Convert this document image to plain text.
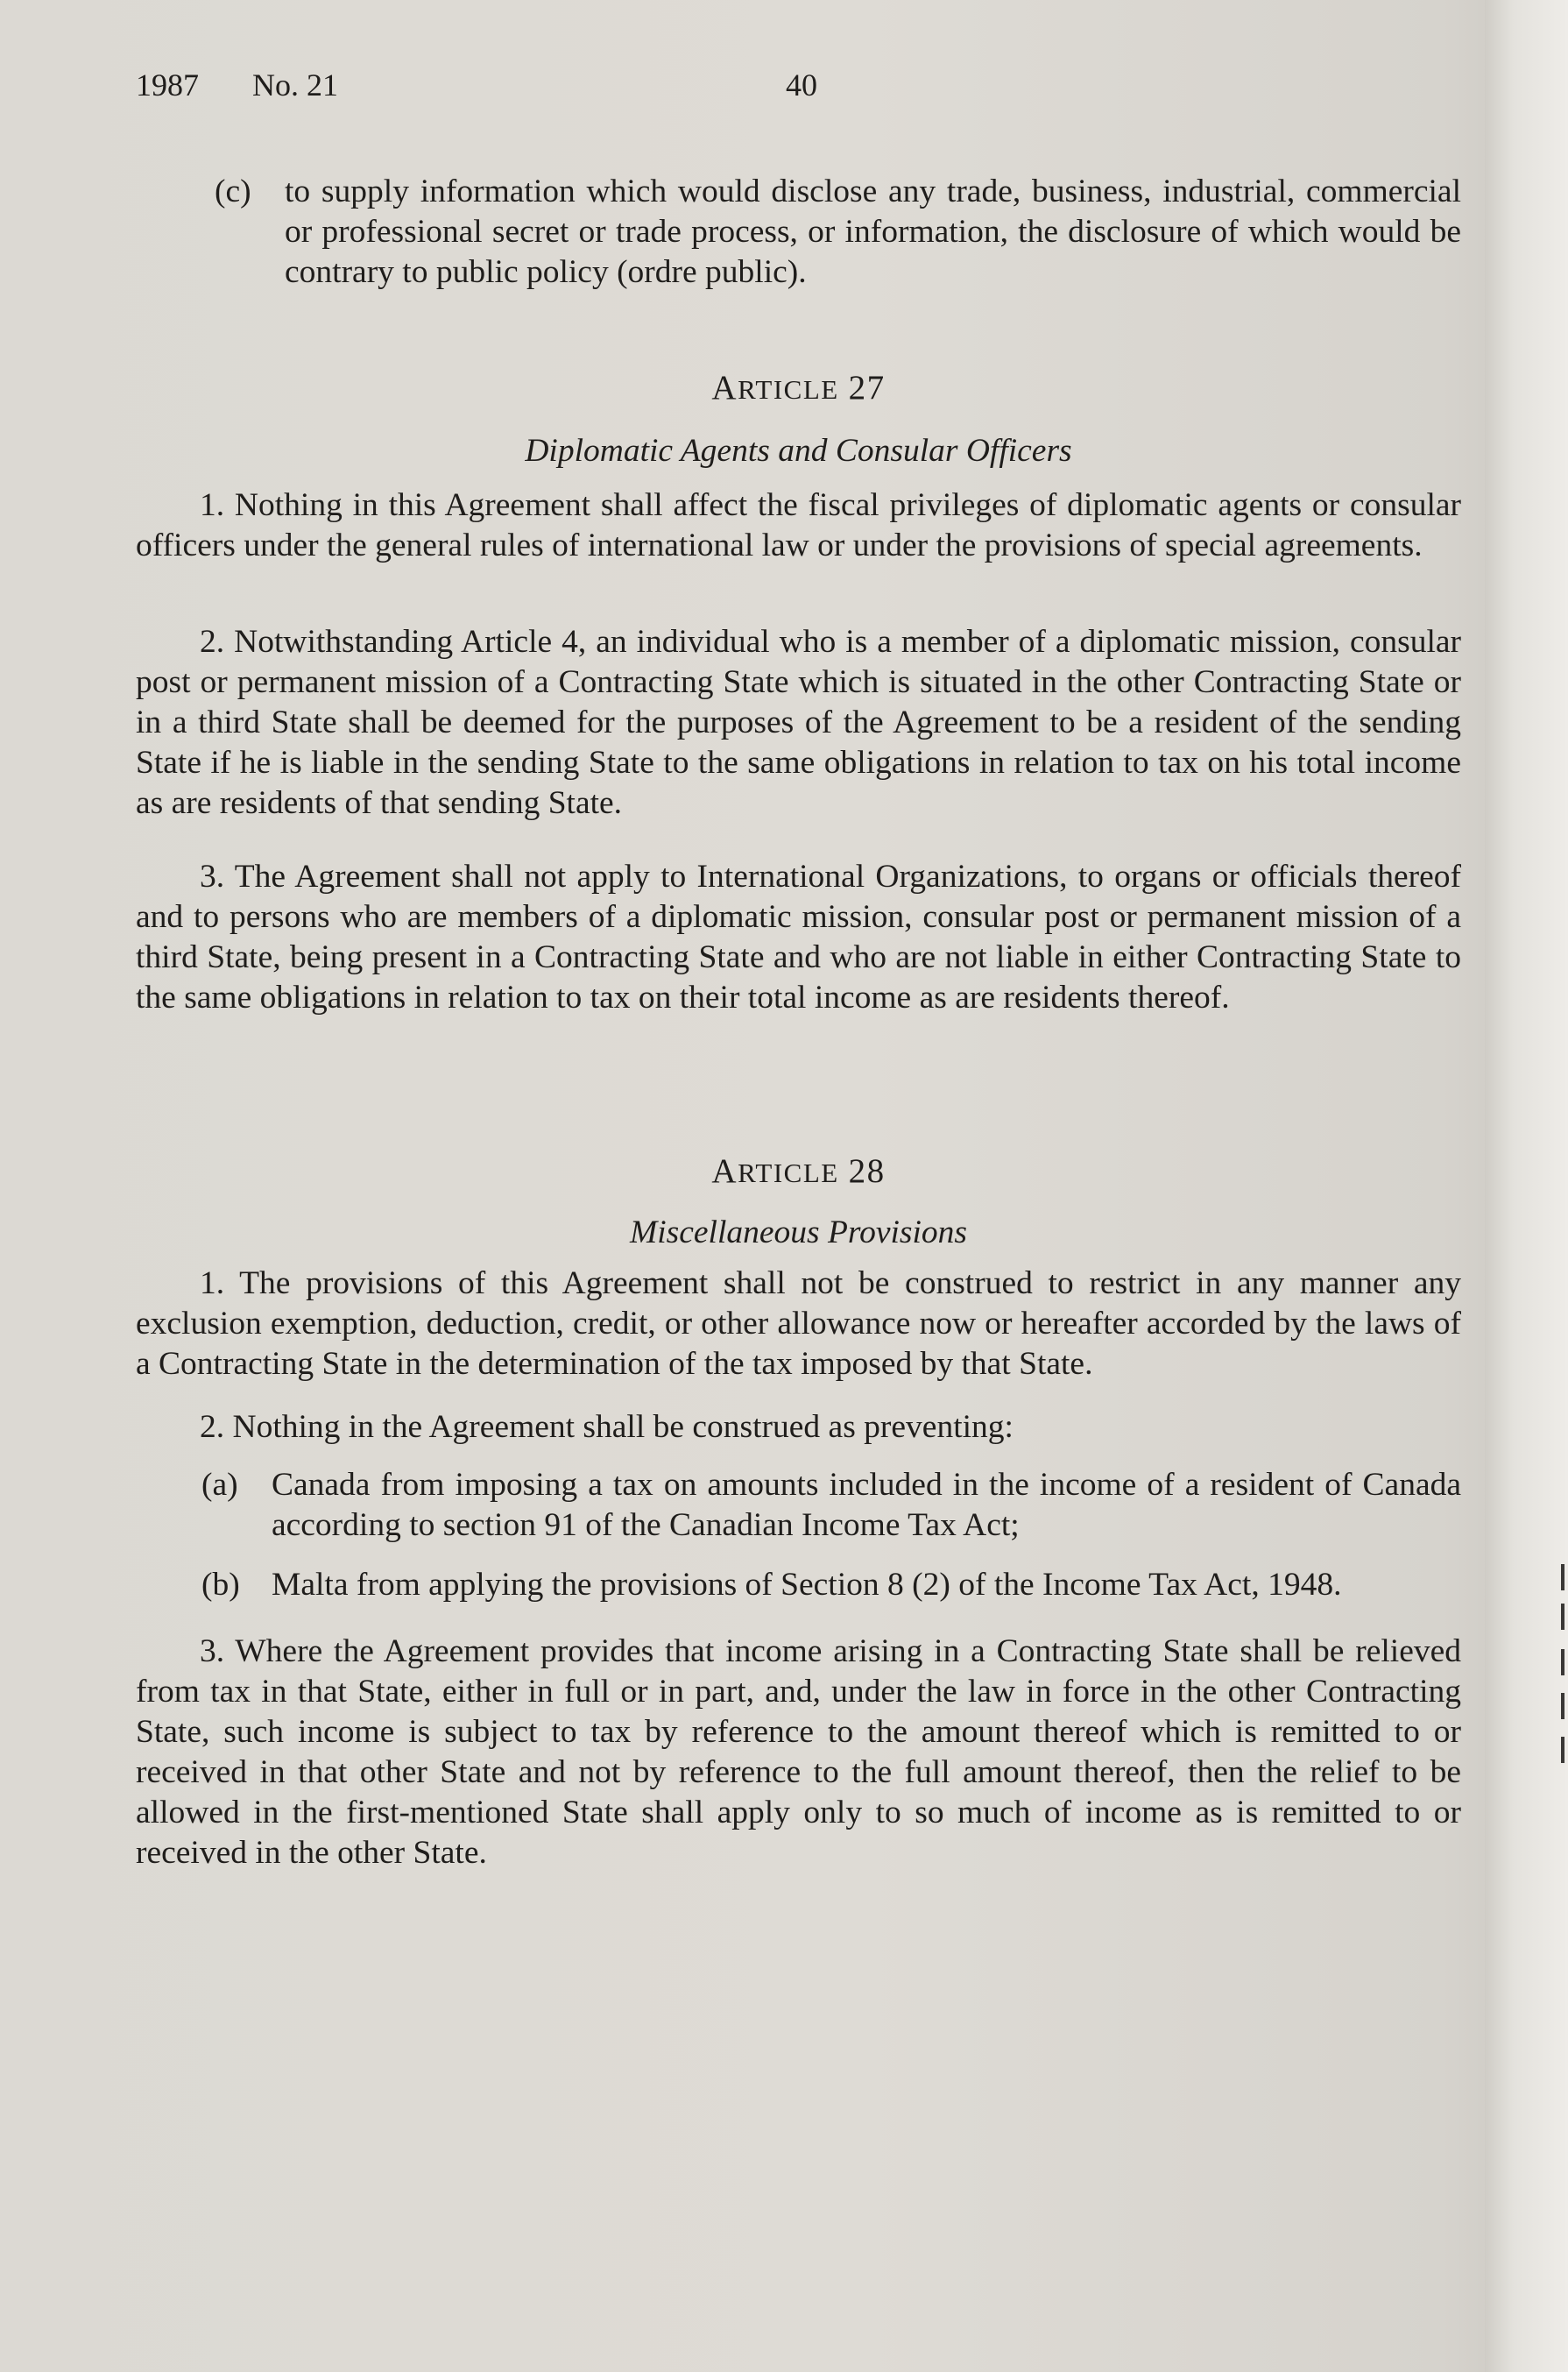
1987 No. 21	40

(c) to supply information which would disclose any trade, business, industrial, commercial or professional secret or trade process, or information, the disclosure of which would be contrary to public policy (ordre public).

ARTICLE 27

Diplomatic Agents and Consular Officers

1. Nothing in this Agreement shall affect the fiscal privileges of diplomatic agents or consular officers under the general rules of international law or under the provisions of special agreements.

2. Notwithstanding Article 4, an individual who is a member of a diplomatic mission, consular post or permanent mission of a Contracting State which is situated in the other Contracting State or in a third State shall be deemed for the purposes of the Agreement to be a resident of the sending State if he is liable in the sending State to the same obligations in relation to tax on his total income as are residents of that sending State.

3. The Agreement shall not apply to International Organizations, to organs or officials thereof and to persons who are members of a diplomatic mission, consular post or permanent mission of a third State, being present in a Contracting State and who are not liable in either Contracting State to the same obligations in relation to tax on their total income as are residents thereof.

ARTICLE 28

Miscellaneous Provisions

1. The provisions of this Agreement shall not be construed to restrict in any manner any exclusion exemption, deduction, credit, or other allowance now or hereafter accorded by the laws of a Contracting State in the determination of the tax imposed by that State.

2. Nothing in the Agreement shall be construed as preventing:

(a) Canada from imposing a tax on amounts included in the income of a resident of Canada according to section 91 of the Canadian Income Tax Act;

(b) Malta from applying the provisions of Section 8 (2) of the Income Tax Act, 1948.

3. Where the Agreement provides that income arising in a Contracting State shall be relieved from tax in that State, either in full or in part, and, under the law in force in the other Contracting State, such income is subject to tax by reference to the amount thereof which is remitted to or received in that other State and not by reference to the full amount thereof, then the relief to be allowed in the first-mentioned State shall apply only to so much of income as is remitted to or received in the other State.
